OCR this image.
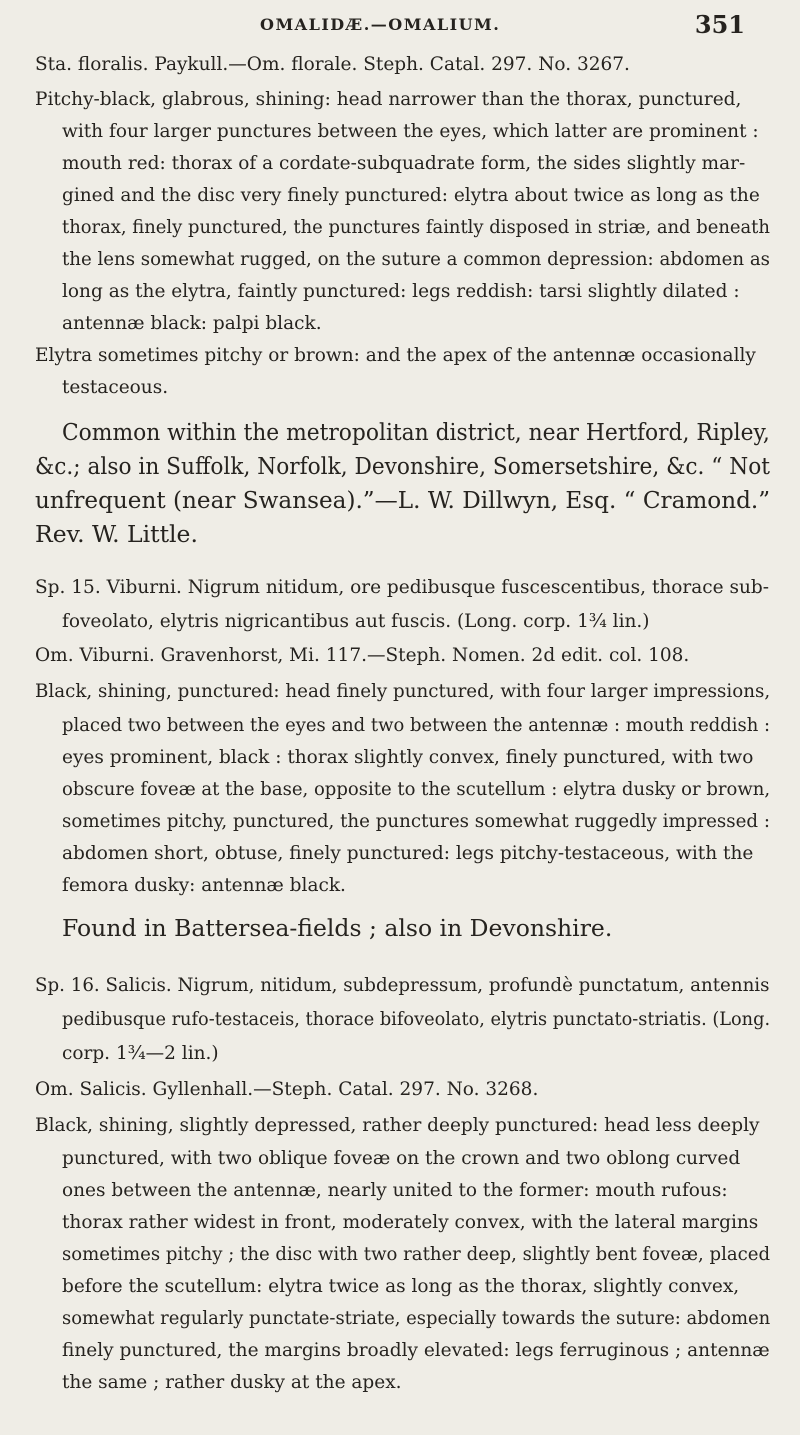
OMALIDÆ.—OMALIUM.	351
Sta. floralis. Paykull.—Om. florale. Steph. Catal. 297. No. 3267.
Pitchy-black, glabrous, shining: head narrower than the thorax, punctured,
with four larger punctures between the eyes, which latter are prominent :
mouth red: thorax of a cordate-subquadrate form, the sides slightly mar-
gined and the disc very finely punctured: elytra about twice as long as the
thorax, finely punctured, the punctures faintly disposed in striæ, and beneath
the lens somewhat rugged, on the suture a common depression: abdomen as
long as the elytra, faintly punctured: legs reddish: tarsi slightly dilated :
antennæ black: palpi black.
Elytra sometimes pitchy or brown: and the apex of the antennæ occasionally
testaceous.
Common within the metropolitan district, near Hertford, Ripley,
&c.; also in Suffolk, Norfolk, Devonshire, Somersetshire, &c. “ Not
unfrequent (near Swansea).”—L. W. Dillwyn, Esq. “ Cramond.”
Rev. W. Little.
Sp. 15. Viburni. Nigrum nitidum, ore pedibusque fuscescentibus, thorace sub-
foveolato, elytris nigricantibus aut fuscis. (Long. corp. 1¾ lin.)
Om. Viburni. Gravenhorst, Mi. 117.—Steph. Nomen. 2d edit. col. 108.
Black, shining, punctured: head finely punctured, with four larger impressions,
placed two between the eyes and two between the antennæ : mouth reddish :
eyes prominent, black : thorax slightly convex, finely punctured, with two
obscure foveæ at the base, opposite to the scutellum : elytra dusky or brown,
sometimes pitchy, punctured, the punctures somewhat ruggedly impressed :
abdomen short, obtuse, finely punctured: legs pitchy-testaceous, with the
femora dusky: antennæ black.
Found in Battersea-fields ; also in Devonshire.
Sp. 16. Salicis. Nigrum, nitidum, subdepressum, profundè punctatum, antennis
pedibusque rufo-testaceis, thorace bifoveolato, elytris punctato-striatis. (Long.
corp. 1¾—2 lin.)
Om. Salicis. Gyllenhall.—Steph. Catal. 297. No. 3268.
Black, shining, slightly depressed, rather deeply punctured: head less deeply
punctured, with two oblique foveæ on the crown and two oblong curved
ones between the antennæ, nearly united to the former: mouth rufous:
thorax rather widest in front, moderately convex, with the lateral margins
sometimes pitchy ; the disc with two rather deep, slightly bent foveæ, placed
before the scutellum: elytra twice as long as the thorax, slightly convex,
somewhat regularly punctate-striate, especially towards the suture: abdomen
finely punctured, the margins broadly elevated: legs ferruginous ; antennæ
the same ; rather dusky at the apex.
